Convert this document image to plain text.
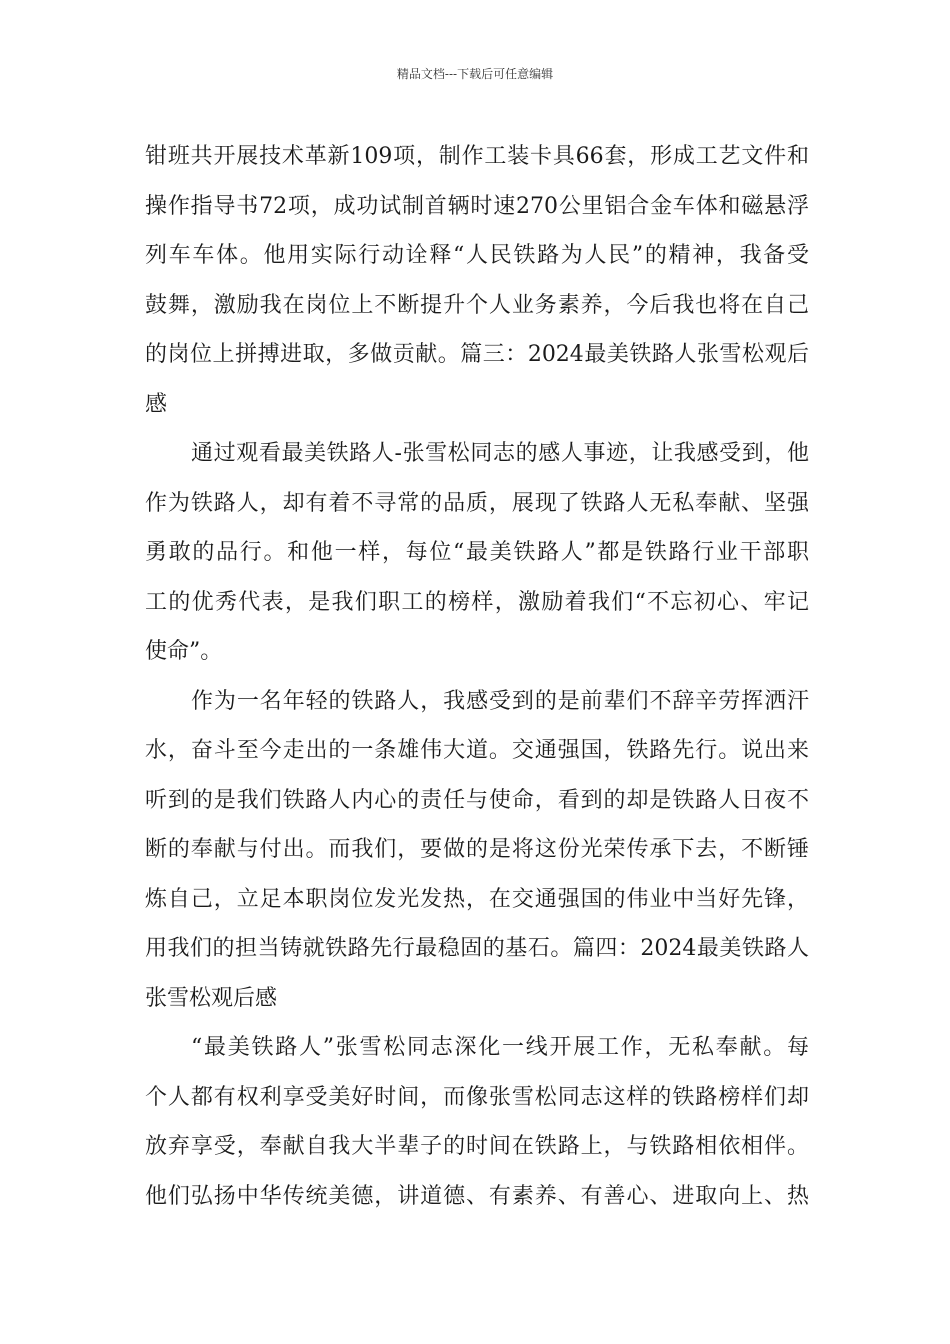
精品文档---下载后可任意编辑
钳班共开展技术革新109项，制作工装卡具66套，形成工艺文件和
操作指导书72项，成功试制首辆时速270公里铝合金车体和磁悬浮
列车车体。他用实际行动诠释“人民铁路为人民”的精神，我备受
鼓舞，激励我在岗位上不断提升个人业务素养，今后我也将在自己
的岗位上拼搏进取，多做贡献。篇三：2024最美铁路人张雪松观后
感
通过观看最美铁路人-张雪松同志的感人事迹，让我感受到，他
作为铁路人，却有着不寻常的品质，展现了铁路人无私奉献、坚强
勇敢的品行。和他一样，每位“最美铁路人”都是铁路行业干部职
工的优秀代表，是我们职工的榜样，激励着我们“不忘初心、牢记
使命”。
作为一名年轻的铁路人，我感受到的是前辈们不辞辛劳挥洒汗
水，奋斗至今走出的一条雄伟大道。交通强国，铁路先行。说出来
听到的是我们铁路人内心的责任与使命，看到的却是铁路人日夜不
断的奉献与付出。而我们，要做的是将这份光荣传承下去，不断锤
炼自己，立足本职岗位发光发热，在交通强国的伟业中当好先锋，
用我们的担当铸就铁路先行最稳固的基石。篇四：2024最美铁路人
张雪松观后感
“最美铁路人”张雪松同志深化一线开展工作，无私奉献。每
个人都有权利享受美好时间，而像张雪松同志这样的铁路榜样们却
放弃享受，奉献自我大半辈子的时间在铁路上，与铁路相依相伴。
他们弘扬中华传统美德，讲道德、有素养、有善心、进取向上、热
